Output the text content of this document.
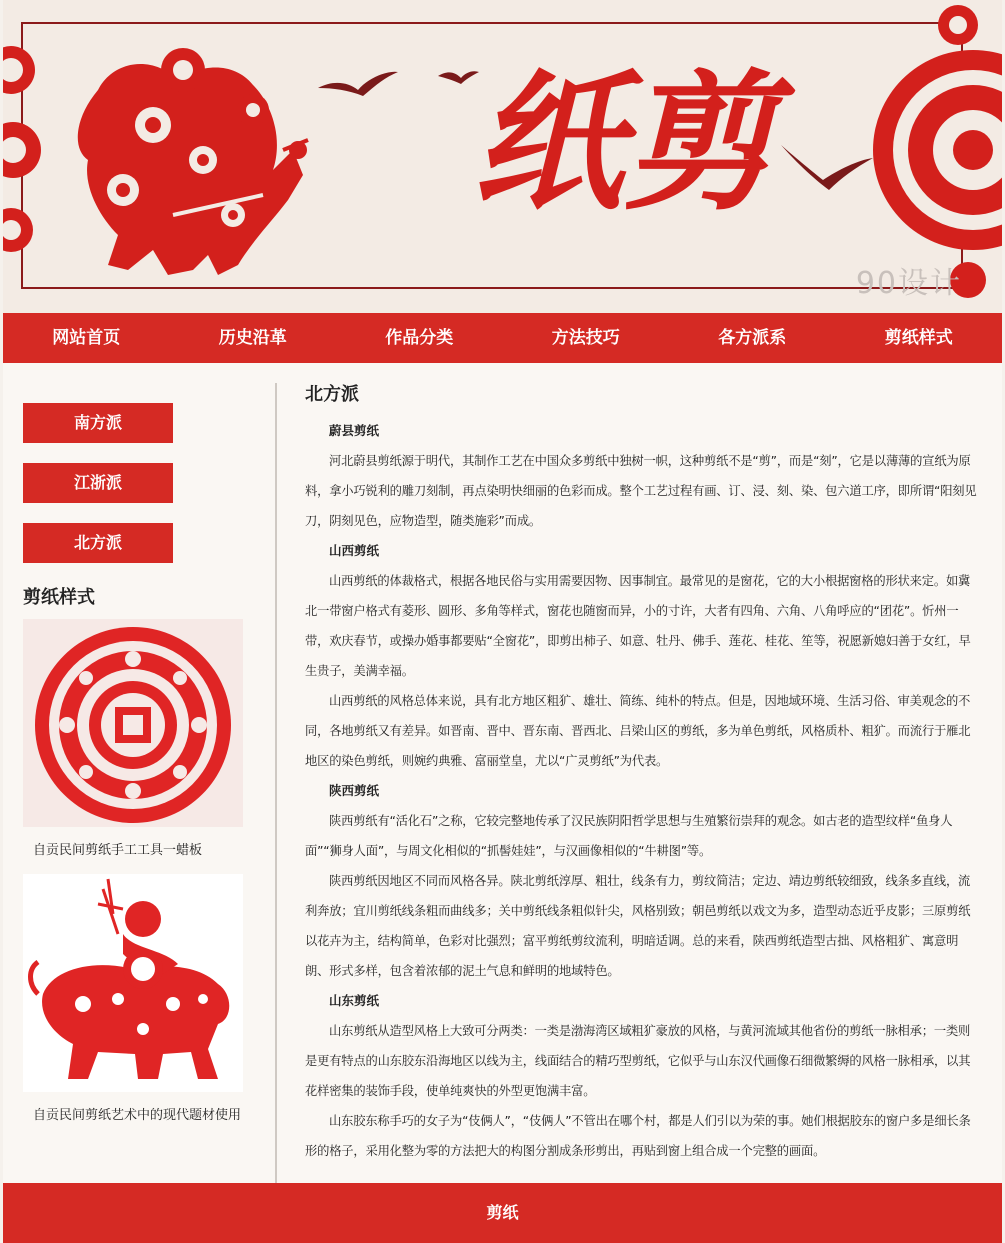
纸剪
90设计
网站首页	历史沿革	作品分类	方法技巧	各方派系	剪纸样式
南方派
江浙派
北方派
剪纸样式
自贡民间剪纸手工工具一蜡板
自贡民间剪纸艺术中的现代题材使用
北方派
蔚县剪纸

河北蔚县剪纸源于明代，其制作工艺在中国众多剪纸中独树一帜，这种剪纸不是“剪”，而是“刻”，它是以薄薄的宣纸为原料，拿小巧锐利的雕刀刻制，再点染明快细丽的色彩而成。整个工艺过程有画、订、浸、刻、染、包六道工序，即所谓“阳刻见刀，阴刻见色，应物造型，随类施彩”而成。

山西剪纸

山西剪纸的体裁格式，根据各地民俗与实用需要因物、因事制宜。最常见的是窗花，它的大小根据窗格的形状来定。如冀北一带窗户格式有菱形、圆形、多角等样式，窗花也随窗而异，小的寸许，大者有四角、六角、八角呼应的“团花”。忻州一带，欢庆春节，或操办婚事都要贴“全窗花”，即剪出柿子、如意、牡丹、佛手、莲花、桂花、笙等，祝愿新媳妇善于女红，早生贵子，美满幸福。

山西剪纸的风格总体来说，具有北方地区粗犷、雄壮、简练、纯朴的特点。但是，因地域环境、生活习俗、审美观念的不同，各地剪纸又有差异。如晋南、晋中、晋东南、晋西北、吕梁山区的剪纸，多为单色剪纸，风格质朴、粗犷。而流行于雁北地区的染色剪纸，则婉约典雅、富丽堂皇，尤以“广灵剪纸”为代表。

陕西剪纸

陕西剪纸有“活化石”之称，它较完整地传承了汉民族阴阳哲学思想与生殖繁衍崇拜的观念。如古老的造型纹样“鱼身人面”“狮身人面”，与周文化相似的“抓髻娃娃”，与汉画像相似的“牛耕图”等。

陕西剪纸因地区不同而风格各异。陕北剪纸淳厚、粗壮，线条有力，剪纹简洁；定边、靖边剪纸较细致，线条多直线，流利奔放；宜川剪纸线条粗而曲线多；关中剪纸线条粗似针尖，风格别致；朝邑剪纸以戏文为多，造型动态近乎皮影；三原剪纸以花卉为主，结构简单，色彩对比强烈；富平剪纸剪纹流利，明暗适调。总的来看，陕西剪纸造型古拙、风格粗犷、寓意明朗、形式多样，包含着浓郁的泥土气息和鲜明的地域特色。

山东剪纸

山东剪纸从造型风格上大致可分两类：一类是渤海湾区域粗犷豪放的风格，与黄河流域其他省份的剪纸一脉相承；一类则是更有特点的山东胶东沿海地区以线为主，线面结合的精巧型剪纸，它似乎与山东汉代画像石细微繁缛的风格一脉相承，以其花样密集的装饰手段，使单纯爽快的外型更饱满丰富。

山东胶东称手巧的女子为“伎俩人”，“伎俩人”不管出在哪个村，都是人们引以为荣的事。她们根据胶东的窗户多是细长条形的格子，采用化整为零的方法把大的构图分割成条形剪出，再贴到窗上组合成一个完整的画面。

剪纸
